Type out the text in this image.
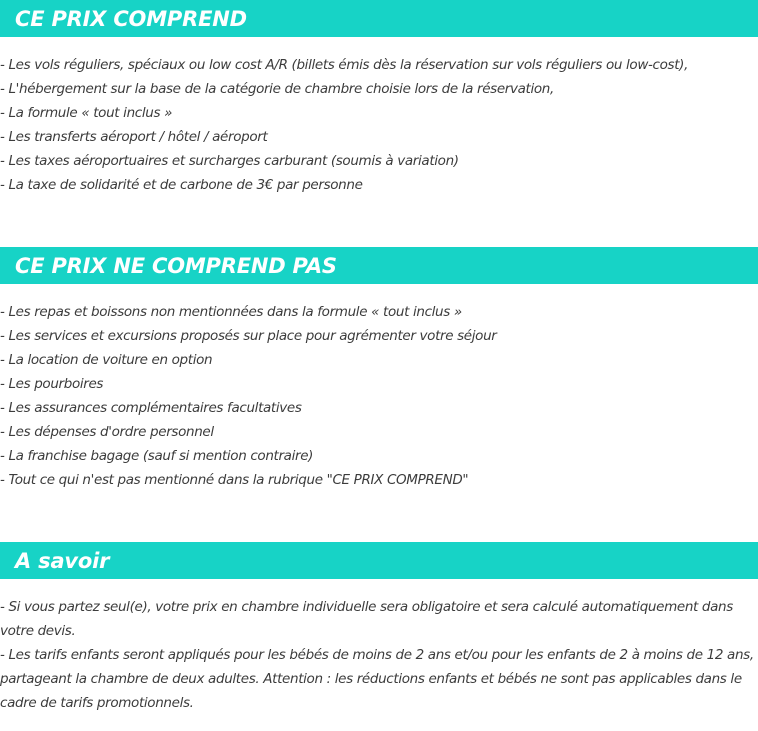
CE PRIX COMPREND
- Les vols réguliers, spéciaux ou low cost A/R (billets émis dès la réservation sur vols réguliers ou low-cost),
- L'hébergement sur la base de la catégorie de chambre choisie lors de la réservation,
- La formule « tout inclus »
- Les transferts aéroport / hôtel / aéroport
- Les taxes aéroportuaires et surcharges carburant (soumis à variation)
- La taxe de solidarité et de carbone de 3€ par personne
CE PRIX NE COMPREND PAS
- Les repas et boissons non mentionnées dans la formule « tout inclus »
- Les services et excursions proposés sur place pour agrémenter votre séjour
- La location de voiture en option
- Les pourboires
- Les assurances complémentaires facultatives
- Les dépenses d'ordre personnel
- La franchise bagage (sauf si mention contraire)
- Tout ce qui n'est pas mentionné dans la rubrique "CE PRIX COMPREND"
A savoir

- Si vous partez seul(e), votre prix en chambre individuelle sera obligatoire et sera calculé automatiquement dans votre devis.

- Les tarifs enfants seront appliqués pour les bébés de moins de 2 ans et/ou pour les enfants de 2 à moins de 12 ans, partageant la chambre de deux adultes. Attention : les réductions enfants et bébés ne sont pas applicables dans le cadre de tarifs promotionnels.
